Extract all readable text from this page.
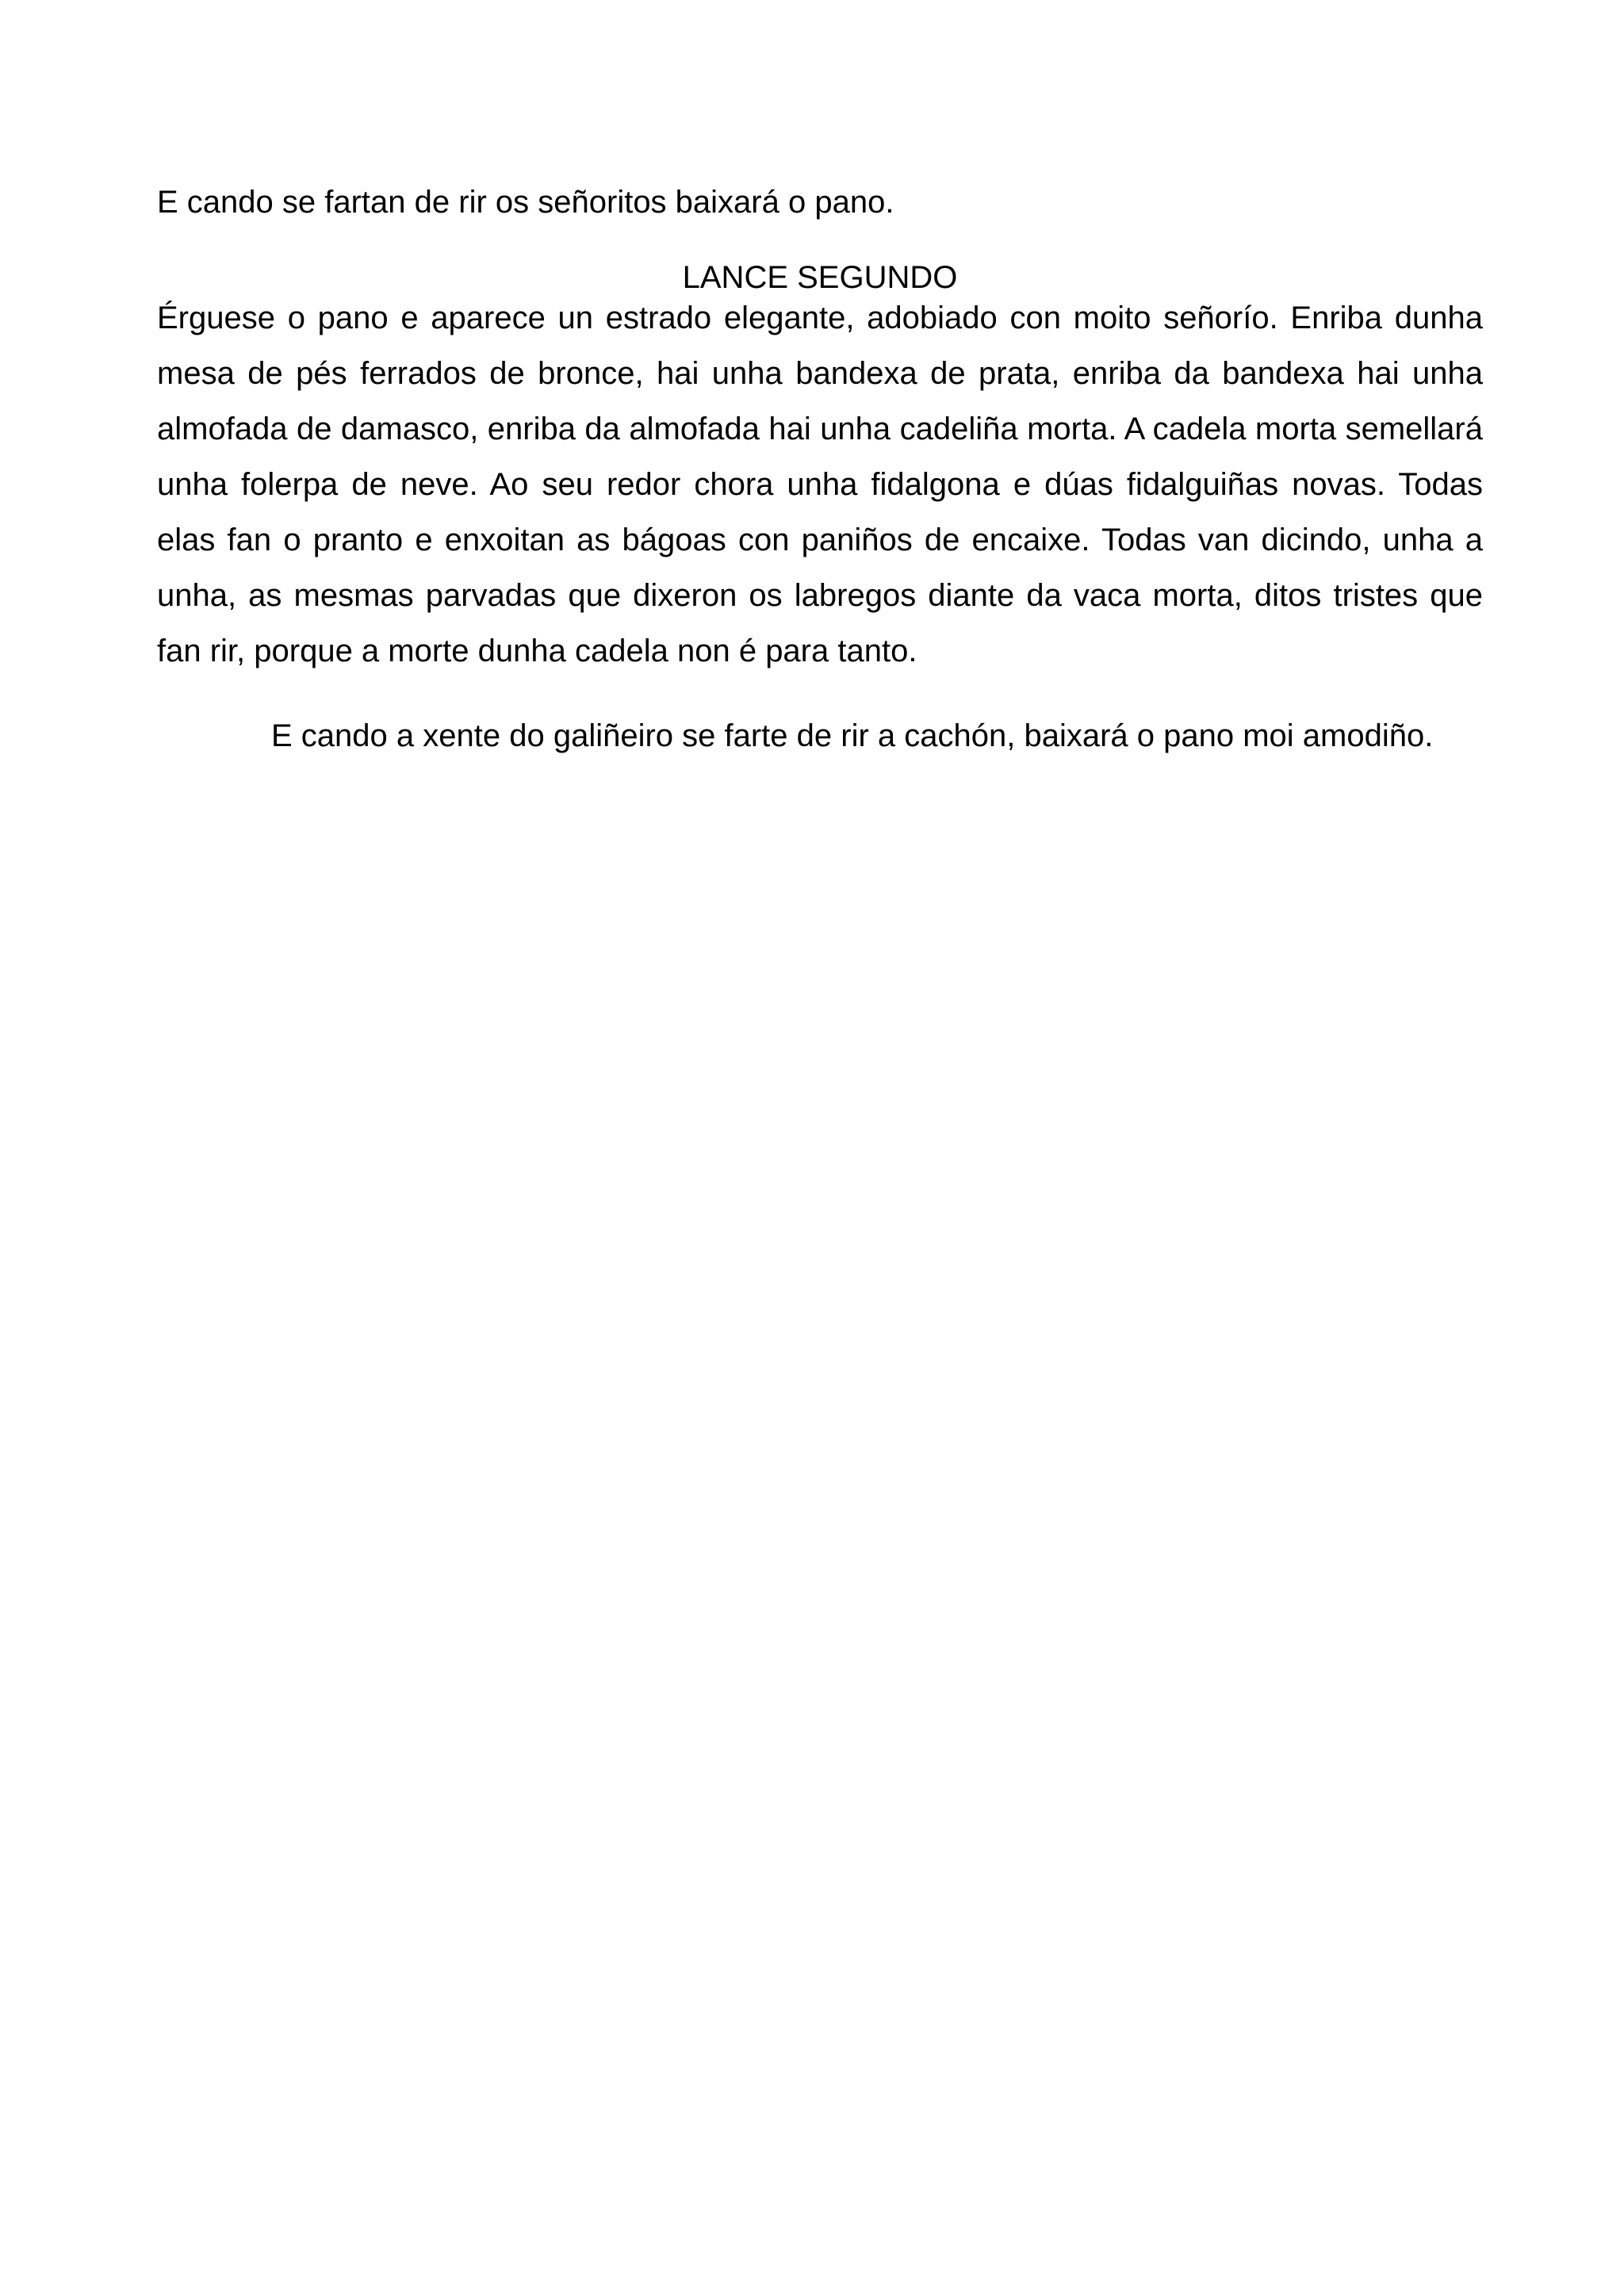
E cando se fartan de rir os señoritos baixará o pano.

LANCE SEGUNDO

Érguese o pano e aparece un estrado elegante, adobiado con moito señorío. Enriba dunha mesa de pés ferrados de bronce, hai unha bandexa de prata, enriba da bandexa hai unha almofada de damasco, enriba da almofada hai unha cadeliña morta. A cadela morta semellará unha folerpa de neve. Ao seu redor chora unha fidalgona e dúas fidalguiñas novas. Todas elas fan o pranto e enxoitan as bágoas con paniños de encaixe. Todas van dicindo, unha a unha, as mesmas parvadas que dixeron os labregos diante da vaca morta, ditos tristes que fan rir, porque a morte dunha cadela non é para tanto.

E cando a xente do galiñeiro se farte de rir a cachón, baixará o pano moi amodiño.
